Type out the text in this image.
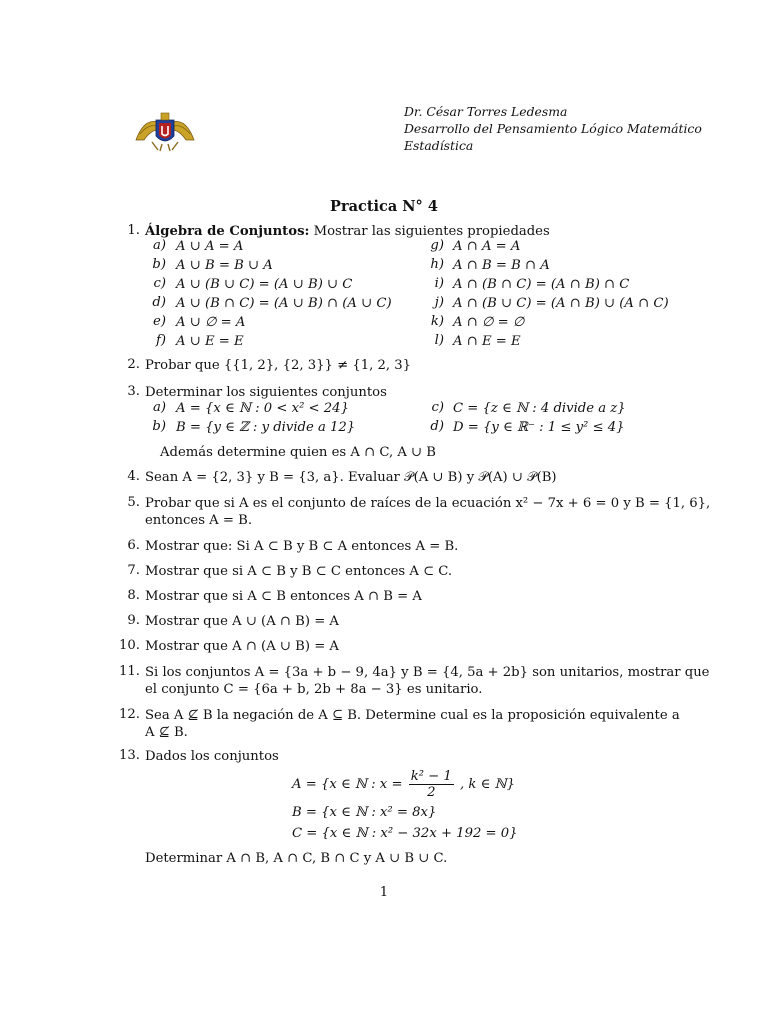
Dr. César Torres Ledesma
Desarrollo del Pensamiento Lógico Matemático
Estadística
Practica N° 4
1. Álgebra de Conjuntos: Mostrar las siguientes propiedades
a) A ∪ A = A
b) A ∪ B = B ∪ A
c) A ∪ (B ∪ C) = (A ∪ B) ∪ C
d) A ∪ (B ∩ C) = (A ∪ B) ∩ (A ∪ C)
e) A ∪ ∅ = A
f) A ∪ E = E
g) A ∩ A = A
h) A ∩ B = B ∩ A
i) A ∩ (B ∩ C) = (A ∩ B) ∩ C
j) A ∩ (B ∪ C) = (A ∩ B) ∪ (A ∩ C)
k) A ∩ ∅ = ∅
l) A ∩ E = E
2. Probar que {{1, 2}, {2, 3}} ≠ {1, 2, 3}
3. Determinar los siguientes conjuntos
a) A = {x ∈ ℕ : 0 < x² < 24}
b) B = {y ∈ ℤ : y divide a 12}
c) C = {z ∈ ℕ : 4 divide a z}
d) D = {y ∈ ℝ⁻ : 1 ≤ y² ≤ 4}
Además determine quien es A ∩ C, A ∪ B
4. Sean A = {2, 3} y B = {3, a}. Evaluar 𝒫(A ∪ B) y 𝒫(A) ∪ 𝒫(B)
5. Probar que si A es el conjunto de raíces de la ecuación x² − 7x + 6 = 0 y B = {1, 6},
entonces A = B.
6. Mostrar que: Si A ⊂ B y B ⊂ A entonces A = B.
7. Mostrar que si A ⊂ B y B ⊂ C entonces A ⊂ C.
8. Mostrar que si A ⊂ B entonces A ∩ B = A
9. Mostrar que A ∪ (A ∩ B) = A
10. Mostrar que A ∩ (A ∪ B) = A
11. Si los conjuntos A = {3a + b − 9, 4a} y B = {4, 5a + 2b} son unitarios, mostrar que
el conjunto C = {6a + b, 2b + 8a − 3} es unitario.
12. Sea A ⊈ B la negación de A ⊆ B. Determine cual es la proposición equivalente a
A ⊈ B.
13. Dados los conjuntos
A = {x ∈ ℕ : $x = \frac{\text{k² − 1}}{2}$ , k ∈ ℕ}
B = {x ∈ ℕ : x² = 8x}
C = {x ∈ ℕ : x² − 32x + 192 = 0}
Determinar A ∩ B, A ∩ C, B ∩ C y A ∪ B ∪ C.
1
